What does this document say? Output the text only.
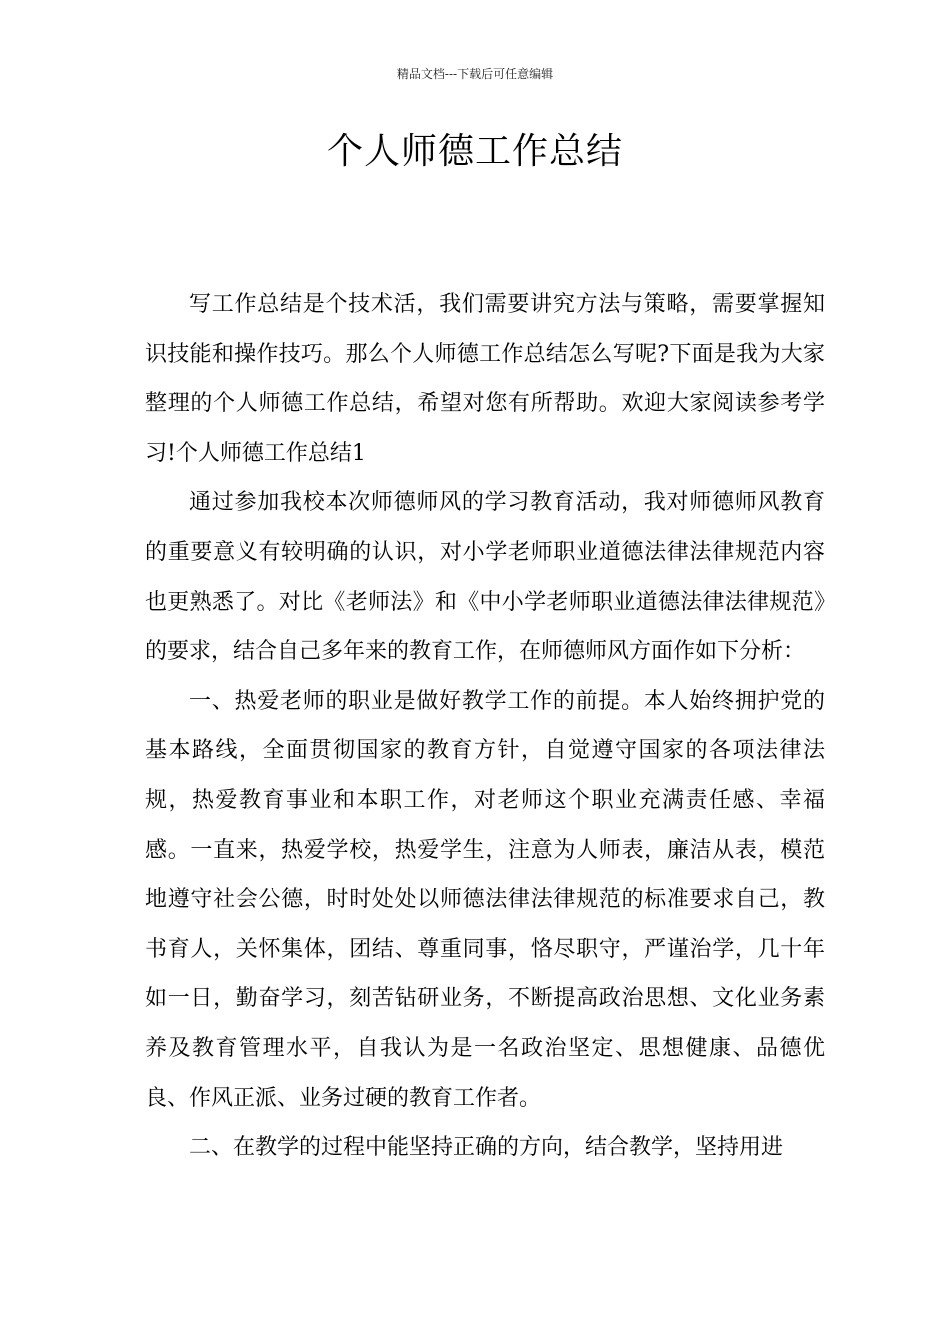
精品文档---下载后可任意编辑
个人师德工作总结

写工作总结是个技术活，我们需要讲究方法与策略，需要掌握知识技能和操作技巧。那么个人师德工作总结怎么写呢?下面是我为大家整理的个人师德工作总结，希望对您有所帮助。欢迎大家阅读参考学习!个人师德工作总结1

通过参加我校本次师德师风的学习教育活动，我对师德师风教育的重要意义有较明确的认识，对小学老师职业道德法律法律规范内容也更熟悉了。对比《老师法》和《中小学老师职业道德法律法律规范》的要求，结合自己多年来的教育工作，在师德师风方面作如下分析：

一、热爱老师的职业是做好教学工作的前提。本人始终拥护党的基本路线，全面贯彻国家的教育方针，自觉遵守国家的各项法律法规，热爱教育事业和本职工作，对老师这个职业充满责任感、幸福感。一直来，热爱学校，热爱学生，注意为人师表，廉洁从表，模范地遵守社会公德，时时处处以师德法律法律规范的标准要求自己，教书育人，关怀集体，团结、尊重同事，恪尽职守，严谨治学，几十年如一日，勤奋学习，刻苦钻研业务，不断提高政治思想、文化业务素养及教育管理水平，自我认为是一名政治坚定、思想健康、品德优良、作风正派、业务过硬的教育工作者。

二、在教学的过程中能坚持正确的方向，结合教学，坚持用进
